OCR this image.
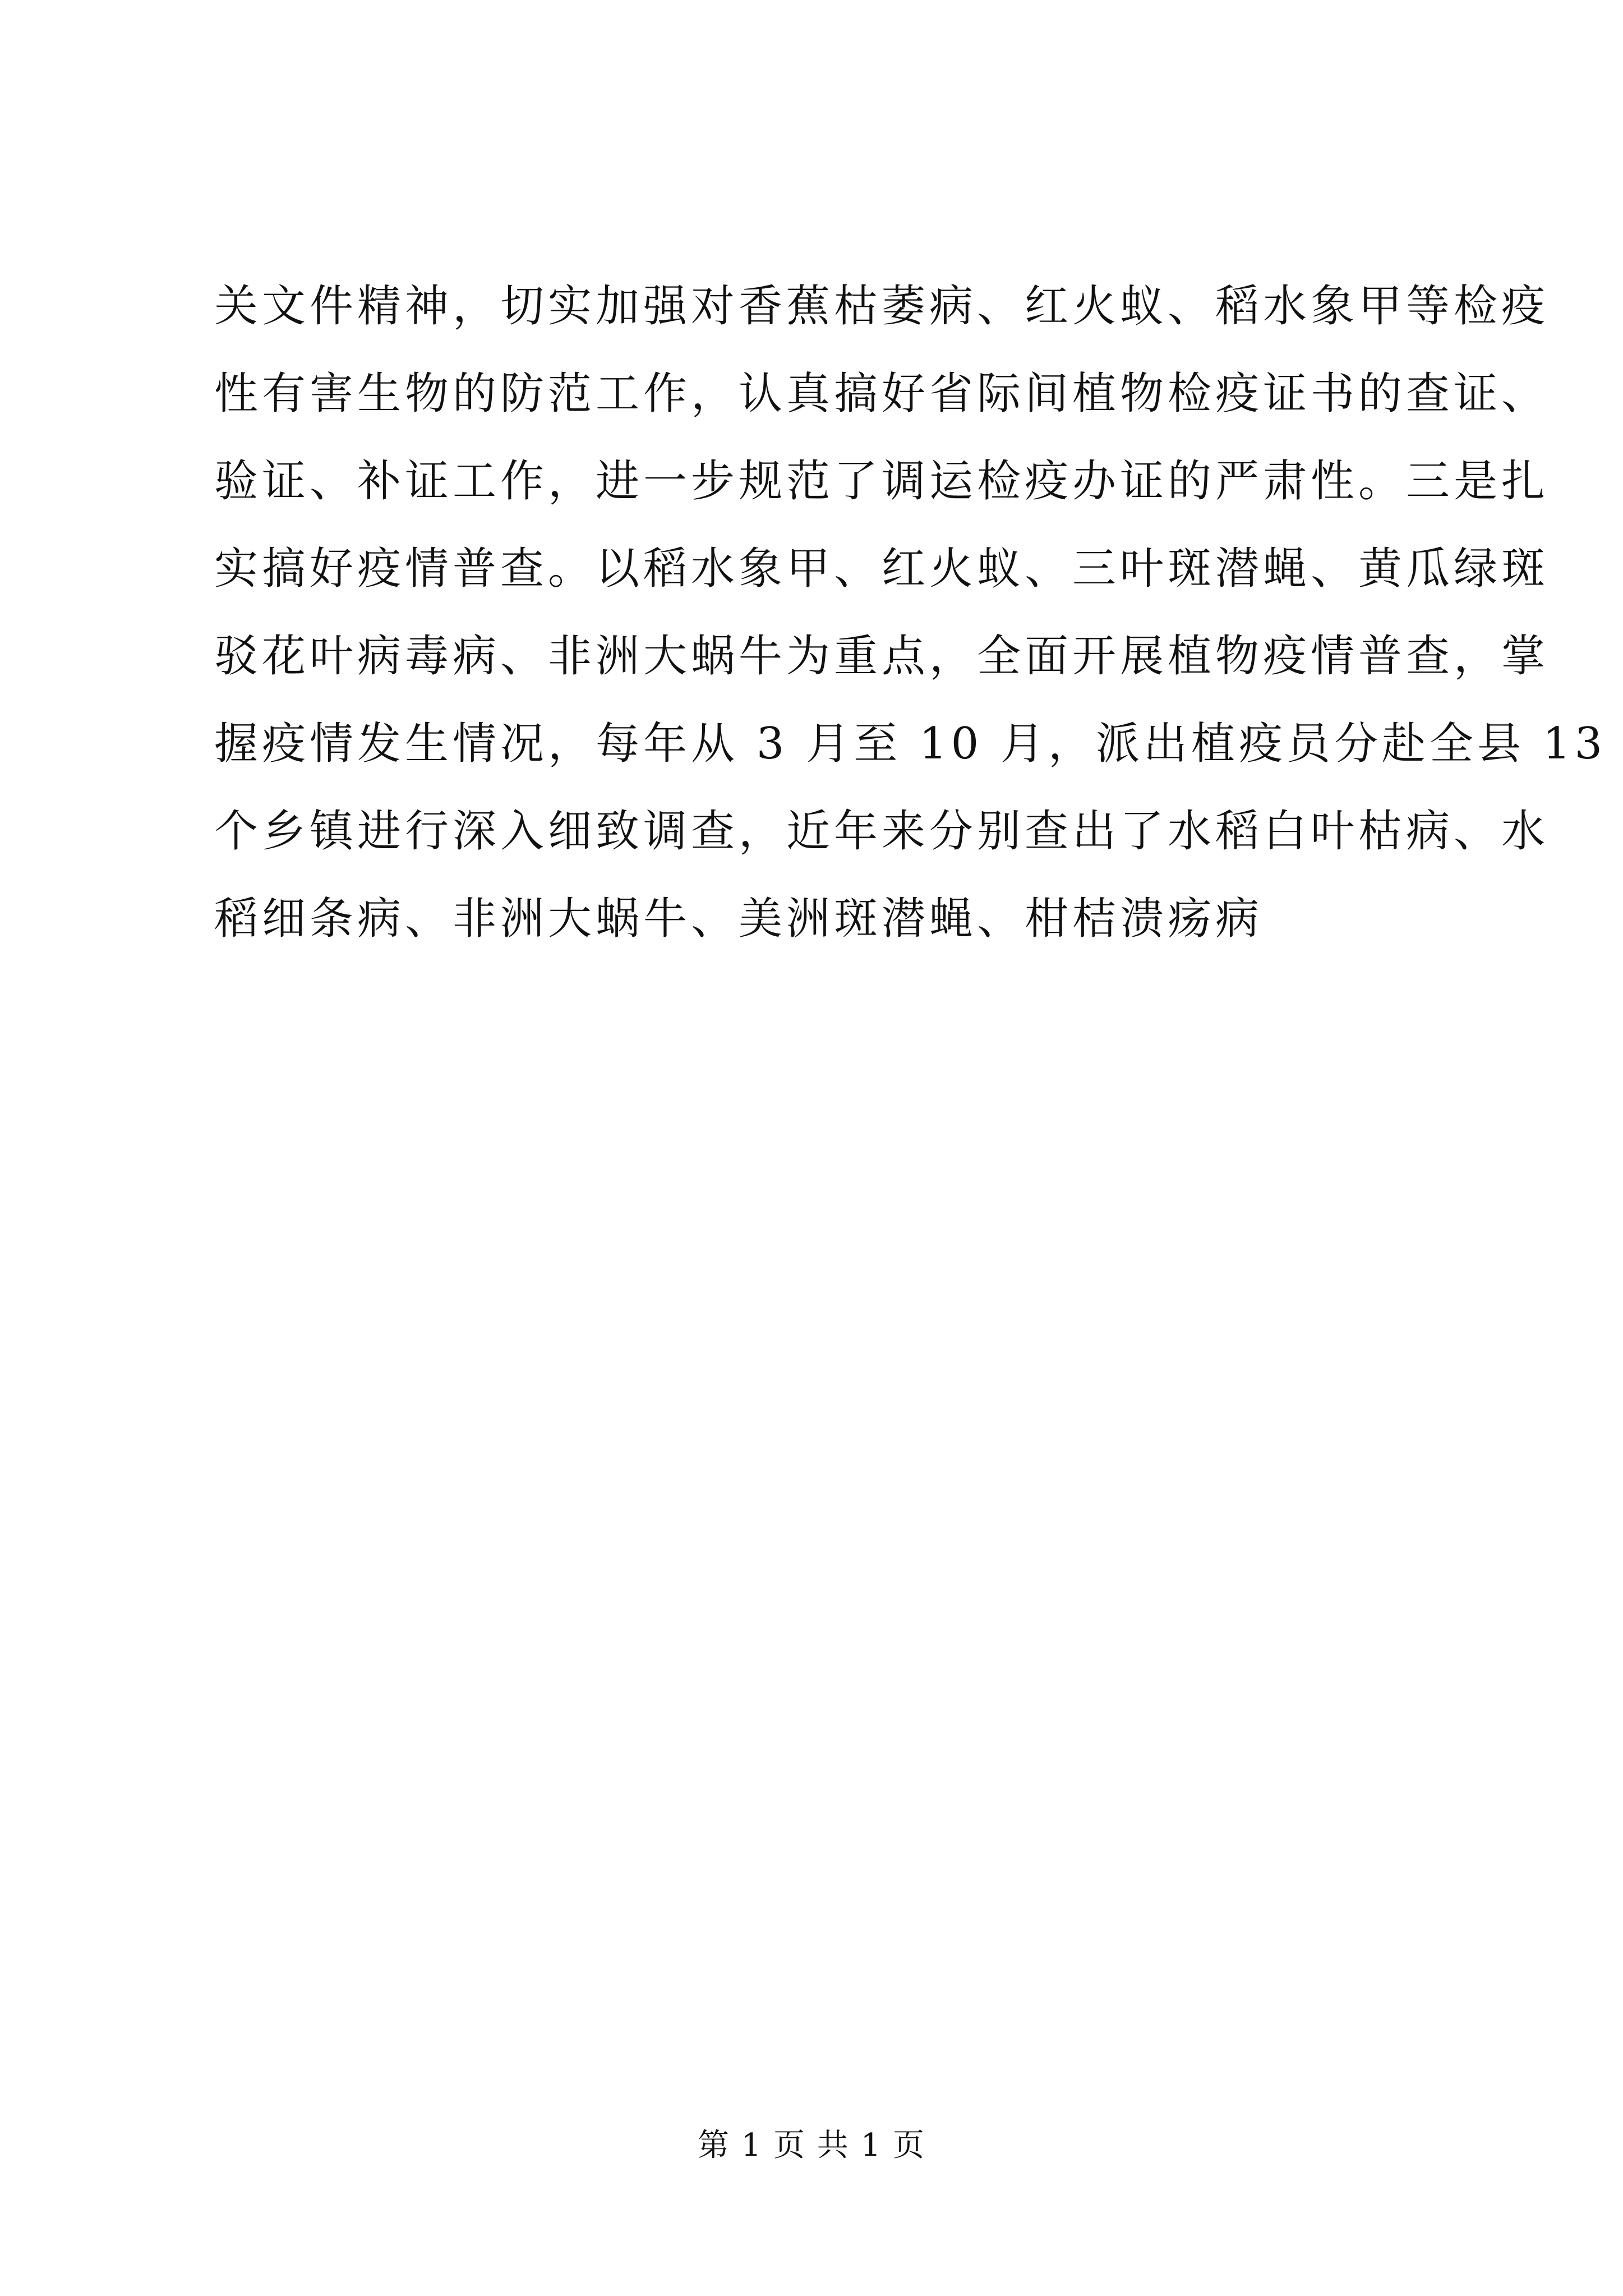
关文件精神，切实加强对香蕉枯萎病、红火蚁、稻水象甲等检疫
性有害生物的防范工作，认真搞好省际间植物检疫证书的查证、
验证、补证工作，进一步规范了调运检疫办证的严肃性。三是扎
实搞好疫情普查。以稻水象甲、红火蚁、三叶斑潜蝇、黄瓜绿斑
驳花叶病毒病、非洲大蜗牛为重点，全面开展植物疫情普查，掌
握疫情发生情况，每年从 3 月至 10 月，派出植疫员分赴全县 13
个乡镇进行深入细致调查，近年来分别查出了水稻白叶枯病、水
稻细条病、非洲大蜗牛、美洲斑潜蝇、柑桔溃疡病
第 1 页 共 1 页
